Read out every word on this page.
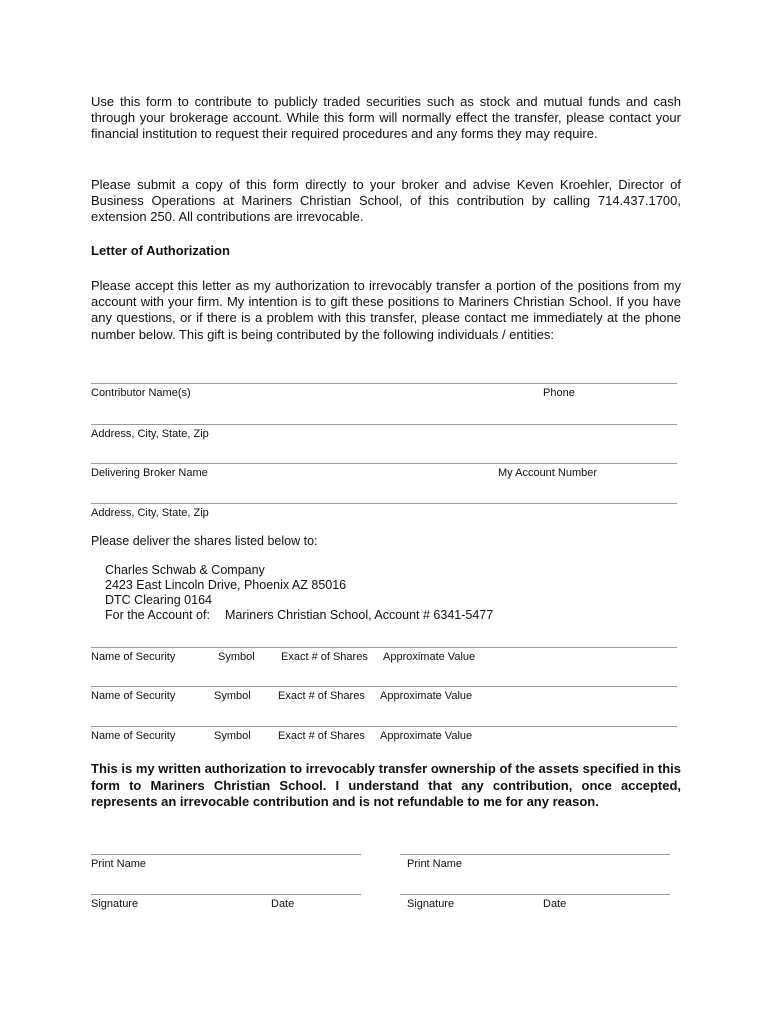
Use this form to contribute to publicly traded securities such as stock and mutual funds and cash through your brokerage account. While this form will normally effect the transfer, please contact your financial institution to request their required procedures and any forms they may require.

Please submit a copy of this form directly to your broker and advise Keven Kroehler, Director of Business Operations at Mariners Christian School, of this contribution by calling 714.437.1700, extension 250. All contributions are irrevocable.

Letter of Authorization

Please accept this letter as my authorization to irrevocably transfer a portion of the positions from my account with your firm. My intention is to gift these positions to Mariners Christian School. If you have any questions, or if there is a problem with this transfer, please contact me immediately at the phone number below. This gift is being contributed by the following individuals / entities:

Contributor Name(s)	Phone
Address, City, State, Zip
Delivering Broker Name	My Account Number
Address, City, State, Zip
Please deliver the shares listed below to:
Charles Schwab & Company
2423 East Lincoln Drive, Phoenix AZ 85016
DTC Clearing 0164
For the Account of: Mariners Christian School, Account # 6341-5477
Name of Security	Symbol Exact # of Shares Approximate Value
Name of Security	Symbol Exact # of Shares Approximate Value
Name of Security	Symbol Exact # of Shares Approximate Value

This is my written authorization to irrevocably transfer ownership of the assets specified in this form to Mariners Christian School. I understand that any contribution, once accepted, represents an irrevocable contribution and is not refundable to me for any reason.

Print Name	Print Name
Signature	Date	Signature	Date
